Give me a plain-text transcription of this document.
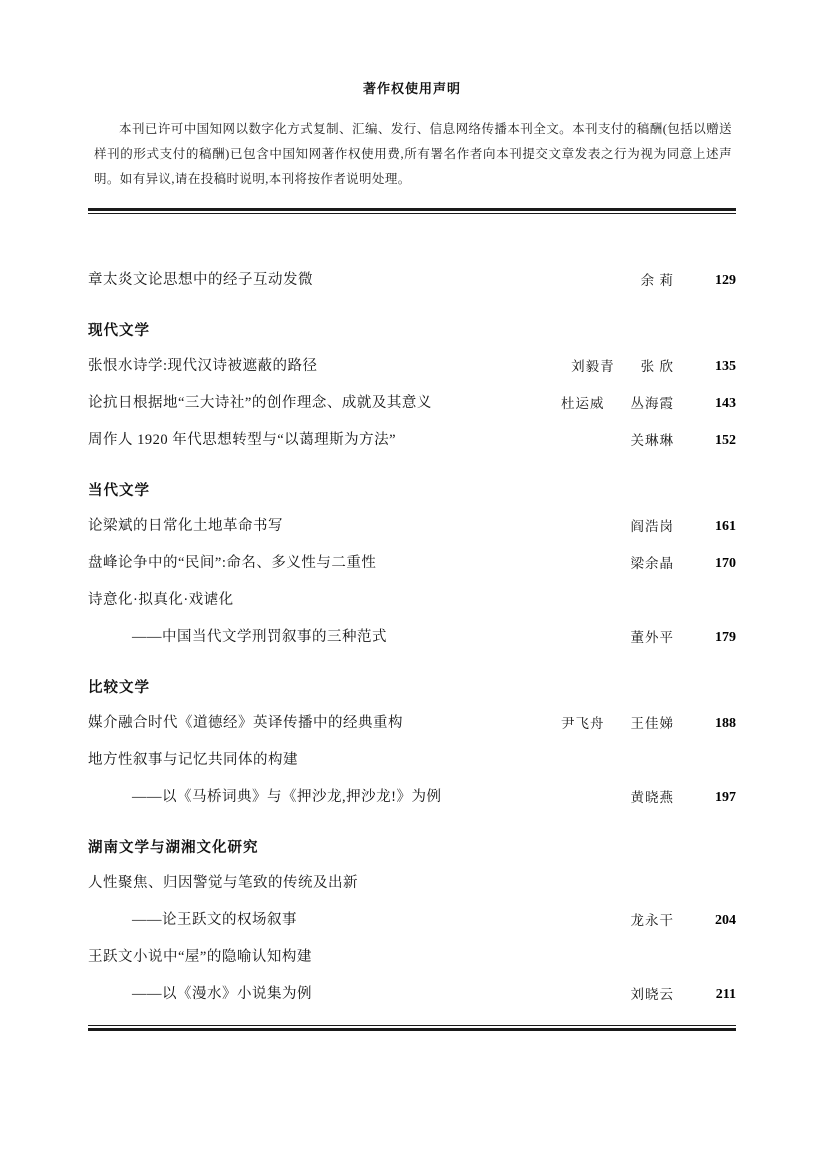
著作权使用声明

本刊已许可中国知网以数字化方式复制、汇编、发行、信息网络传播本刊全文。本刊支付的稿酬(包括以赠送样刊的形式支付的稿酬)已包含中国知网著作权使用费,所有署名作者向本刊提交文章发表之行为视为同意上述声明。如有异议,请在投稿时说明,本刊将按作者说明处理。

章太炎文论思想中的经子互动发微	余 莉	129
现代文学
张恨水诗学:现代汉诗被遮蔽的路径	刘毅青 张 欣	135
论抗日根据地“三大诗社”的创作理念、成就及其意义	杜运威 丛海霞	143
周作人 1920 年代思想转型与“以蔼理斯为方法”	关琳琳	152
当代文学
论梁斌的日常化土地革命书写	阎浩岗	161
盘峰论争中的“民间”:命名、多义性与二重性	梁余晶	170
诗意化·拟真化·戏谑化
——中国当代文学刑罚叙事的三种范式	董外平	179
比较文学
媒介融合时代《道德经》英译传播中的经典重构	尹飞舟 王佳娣	188
地方性叙事与记忆共同体的构建
——以《马桥词典》与《押沙龙,押沙龙!》为例	黄晓燕	197
湖南文学与湖湘文化研究
人性聚焦、归因警觉与笔致的传统及出新
——论王跃文的权场叙事	龙永干	204
王跃文小说中“屋”的隐喻认知构建
——以《漫水》小说集为例	刘晓云	211
